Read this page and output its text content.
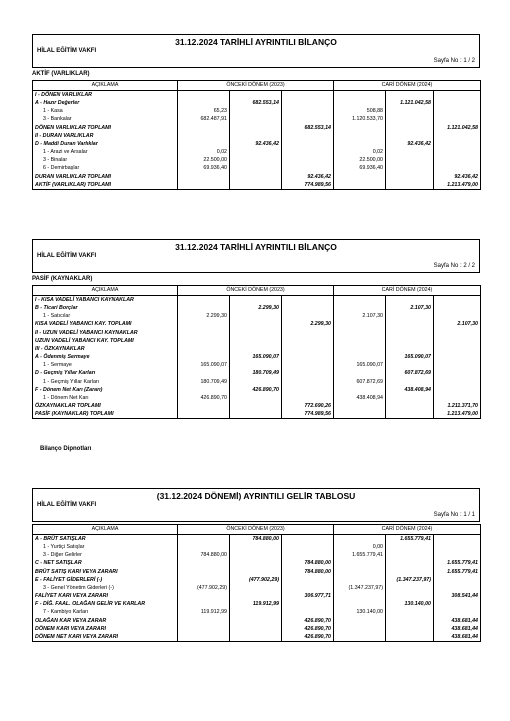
31.12.2024 TARİHLİ AYRINTILI BİLANÇO
HİLAL EĞİTİM VAKFI
Sayfa No : 1 / 2
AKTİF (VARLIKLAR)
AÇIKLAMA	ÖNCEKİ DÖNEM (2023)			CARİ DÖNEM (2024)		
I - DÖNEN VARLIKLAR						
A - Hazır Değerler		682.553,14			1.121.042,58	
1 - Kasa	65,23			508,88		
3 - Bankalar	682.487,91			1.120.533,70		
DÖNEN VARLIKLAR TOPLAMI			682.553,14			1.121.042,58
II - DURAN VARLIKLAR						
D - Maddi Duran Varlıklar		92.436,42			92.436,42	
1 - Arazi ve Arsalar	0,02			0,02		
3 - Binalar	22.500,00			22.500,00		
6 - Demirbaşlar	69.936,40			69.936,40		
DURAN VARLIKLAR TOPLAMI			92.436,42			92.436,42
AKTİF (VARLIKLAR) TOPLAMI			774.989,56			1.213.479,00
31.12.2024 TARİHLİ AYRINTILI BİLANÇO
HİLAL EĞİTİM VAKFI
Sayfa No : 2 / 2
PASİF (KAYNAKLAR)
AÇIKLAMA	ÖNCEKİ DÖNEM (2023)			CARİ DÖNEM (2024)		
I - KISA VADELİ YABANCI KAYNAKLAR						
B - Ticari Borçlar		2.299,30			2.107,30	
1 - Satıcılar	2.299,30			2.107,30		
KISA VADELİ YABANCI KAY. TOPLAMI			2.299,30			2.107,30
II - UZUN VADELİ YABANCI KAYNAKLAR						
UZUN VADELİ YABANCI KAY. TOPLAMI						
III - ÖZKAYNAKLAR						
A - Ödenmiş Sermaye		165.090,07			165.090,07	
1 - Sermaye	165.090,07			165.090,07		
D - Geçmiş Yıllar Karları		180.709,49			607.872,69	
1 - Geçmiş Yıllar Karları	180.709,49			607.872,69		
F - Dönem Net Karı (Zararı)		426.890,70			438.408,94	
1 - Dönem Net Karı	426.890,70			438.408,94		
ÖZKAYNAKLAR TOPLAMI			772.690,26			1.211.371,70
PASİF (KAYNAKLAR) TOPLAMI			774.989,56			1.213.479,00
Bilanço Dipnotları
(31.12.2024 DÖNEMİ) AYRINTILI GELİR TABLOSU
HİLAL EĞİTİM VAKFI
Sayfa No : 1 / 1
AÇIKLAMA	ÖNCEKİ DÖNEM (2023)			CARİ DÖNEM (2024)		
A - BRÜT SATIŞLAR		784.880,00			1.655.779,41	
1 - Yurtiçi Satışlar				0,00		
3 - Diğer Gelirler	784.880,00			1.655.779,41		
C - NET SATIŞLAR			784.880,00			1.655.779,41
BRÜT SATIŞ KARI VEYA ZARARI			784.880,00			1.655.779,41
E - FALİYET GİDERLERİ (-)		(477.902,29)			(1.347.237,97)	
3 - Genel Yönetim Giderleri (-)	(477.902,29)			(1.347.237,97)		
FALİYET KARI VEYA ZARARI			306.977,71			308.541,44
F - DİĞ. FAAL. OLAĞAN GELİR VE KARLAR		119.912,99			130.140,00	
7 - Kambiyo Karları	119.912,99			130.140,00		
OLAĞAN KAR VEYA ZARAR			426.890,70			438.681,44
DÖNEM KARI VEYA ZARARI			426.890,70			438.681,44
DÖNEM NET KARI VEYA ZARARI			426.890,70			438.681,44
